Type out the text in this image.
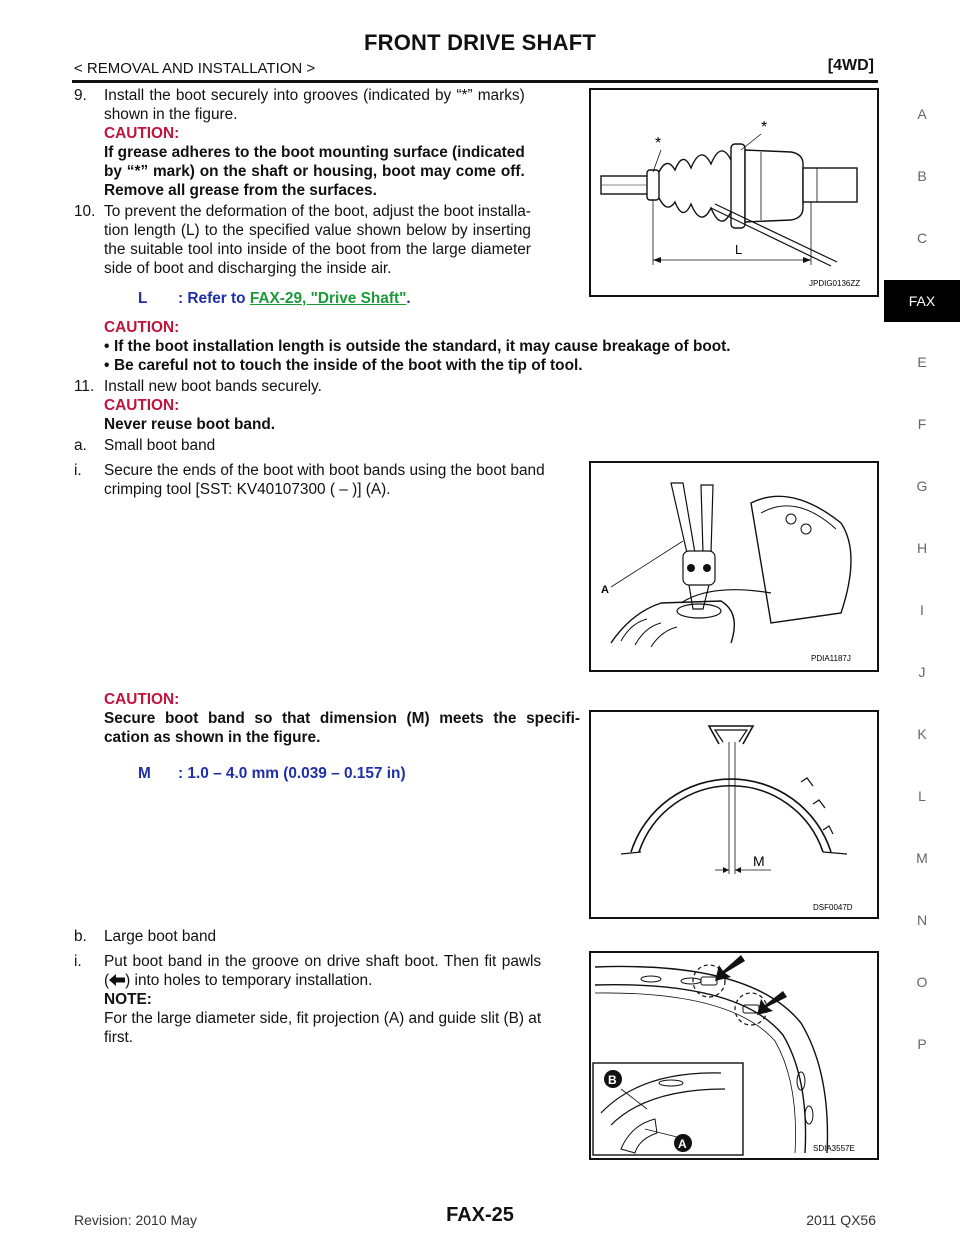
FRONT DRIVE SHAFT
< REMOVAL AND INSTALLATION >	[4WD]
A
B
C
FAX
E
F
G
H
I
J
K
L
M
N
O
P
9.	Install the boot securely into grooves (indicated by “*” marks)
shown in the figure.
CAUTION:
If grease adheres to the boot mounting surface (indicated
by “*” mark) on the shaft or housing, boot may come off.
Remove all grease from the surfaces.
10. To prevent the deformation of the boot, adjust the boot installa-
tion length (L) to the specified value shown below by inserting
the suitable tool into inside of the boot from the large diameter
side of boot and discharging the inside air.
L : Refer to FAX-29, "Drive Shaft".
CAUTION:
• If the boot installation length is outside the standard, it may cause breakage of boot.
• Be careful not to touch the inside of the boot with the tip of tool.
11. Install new boot bands securely.
CAUTION:
Never reuse boot band.
a.	Small boot band
i.	Secure the ends of the boot with boot bands using the boot band
crimping tool [SST: KV40107300 ( – )] (A).
CAUTION:
Secure boot band so that dimension (M) meets the specifi-
cation as shown in the figure.
M : 1.0 – 4.0 mm (0.039 – 0.157 in)
b.	Large boot band
i.	Put boot band in the groove on drive shaft boot. Then fit pawls
( ) into holes to temporary installation.
NOTE:
For the large diameter side, fit projection (A) and guide slit (B) at
first.
*
*
L
JPDIG0136ZZ
A
PDIA1187J
M
DSF0047D
B
A	SDIA3557E
Revision: 2010 May	FAX-25	2011 QX56
